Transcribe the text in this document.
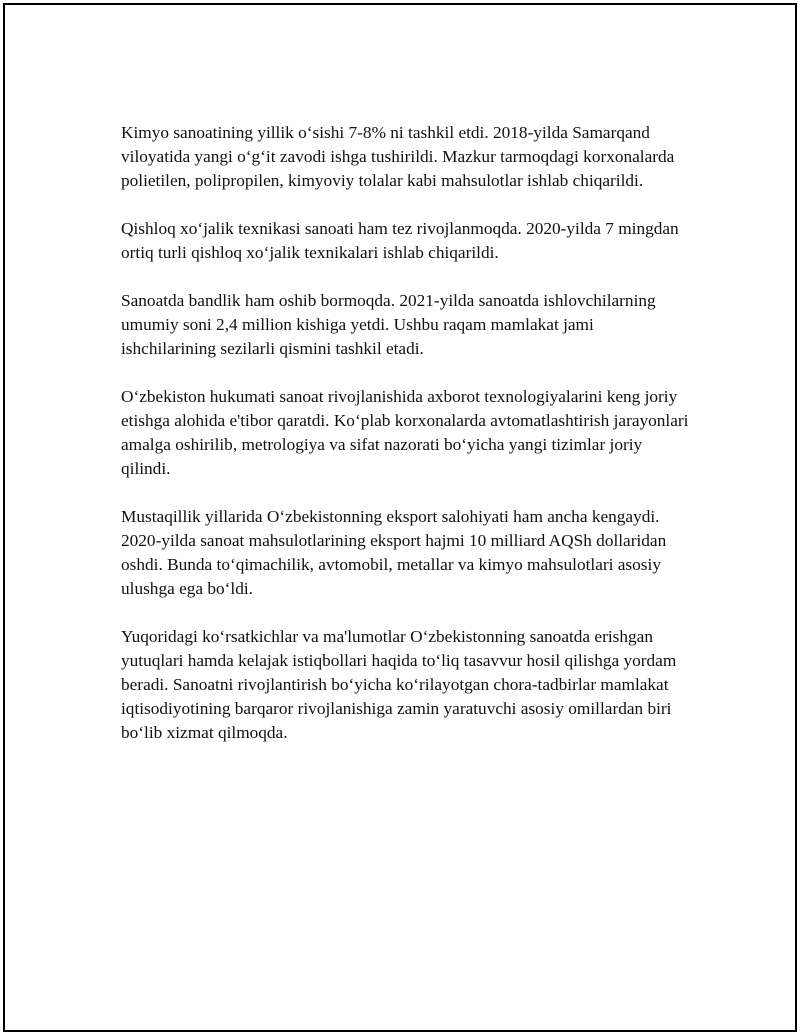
Kimyo sanoatining yillik o‘sishi 7-8% ni tashkil etdi. 2018-yilda Samarqand viloyatida yangi o‘g‘it zavodi ishga tushirildi. Mazkur tarmoqdagi korxonalarda polietilen, polipropilen, kimyoviy tolalar kabi mahsulotlar ishlab chiqarildi.

Qishloq xo‘jalik texnikasi sanoati ham tez rivojlanmoqda. 2020-yilda 7 mingdan ortiq turli qishloq xo‘jalik texnikalari ishlab chiqarildi.

Sanoatda bandlik ham oshib bormoqda. 2021-yilda sanoatda ishlovchilarning umumiy soni 2,4 million kishiga yetdi. Ushbu raqam mamlakat jami ishchilarining sezilarli qismini tashkil etadi.

O‘zbekiston hukumati sanoat rivojlanishida axborot texnologiyalarini keng joriy etishga alohida e'tibor qaratdi. Ko‘plab korxonalarda avtomatlashtirish jarayonlari amalga oshirilib, metrologiya va sifat nazorati bo‘yicha yangi tizimlar joriy qilindi.

Mustaqillik yillarida O‘zbekistonning eksport salohiyati ham ancha kengaydi. 2020-yilda sanoat mahsulotlarining eksport hajmi 10 milliard AQSh dollaridan oshdi. Bunda to‘qimachilik, avtomobil, metallar va kimyo mahsulotlari asosiy ulushga ega bo‘ldi.

Yuqoridagi ko‘rsatkichlar va ma'lumotlar O‘zbekistonning sanoatda erishgan yutuqlari hamda kelajak istiqbollari haqida to‘liq tasavvur hosil qilishga yordam beradi. Sanoatni rivojlantirish bo‘yicha ko‘rilayotgan chora-tadbirlar mamlakat iqtisodiyotining barqaror rivojlanishiga zamin yaratuvchi asosiy omillardan biri bo‘lib xizmat qilmoqda.
